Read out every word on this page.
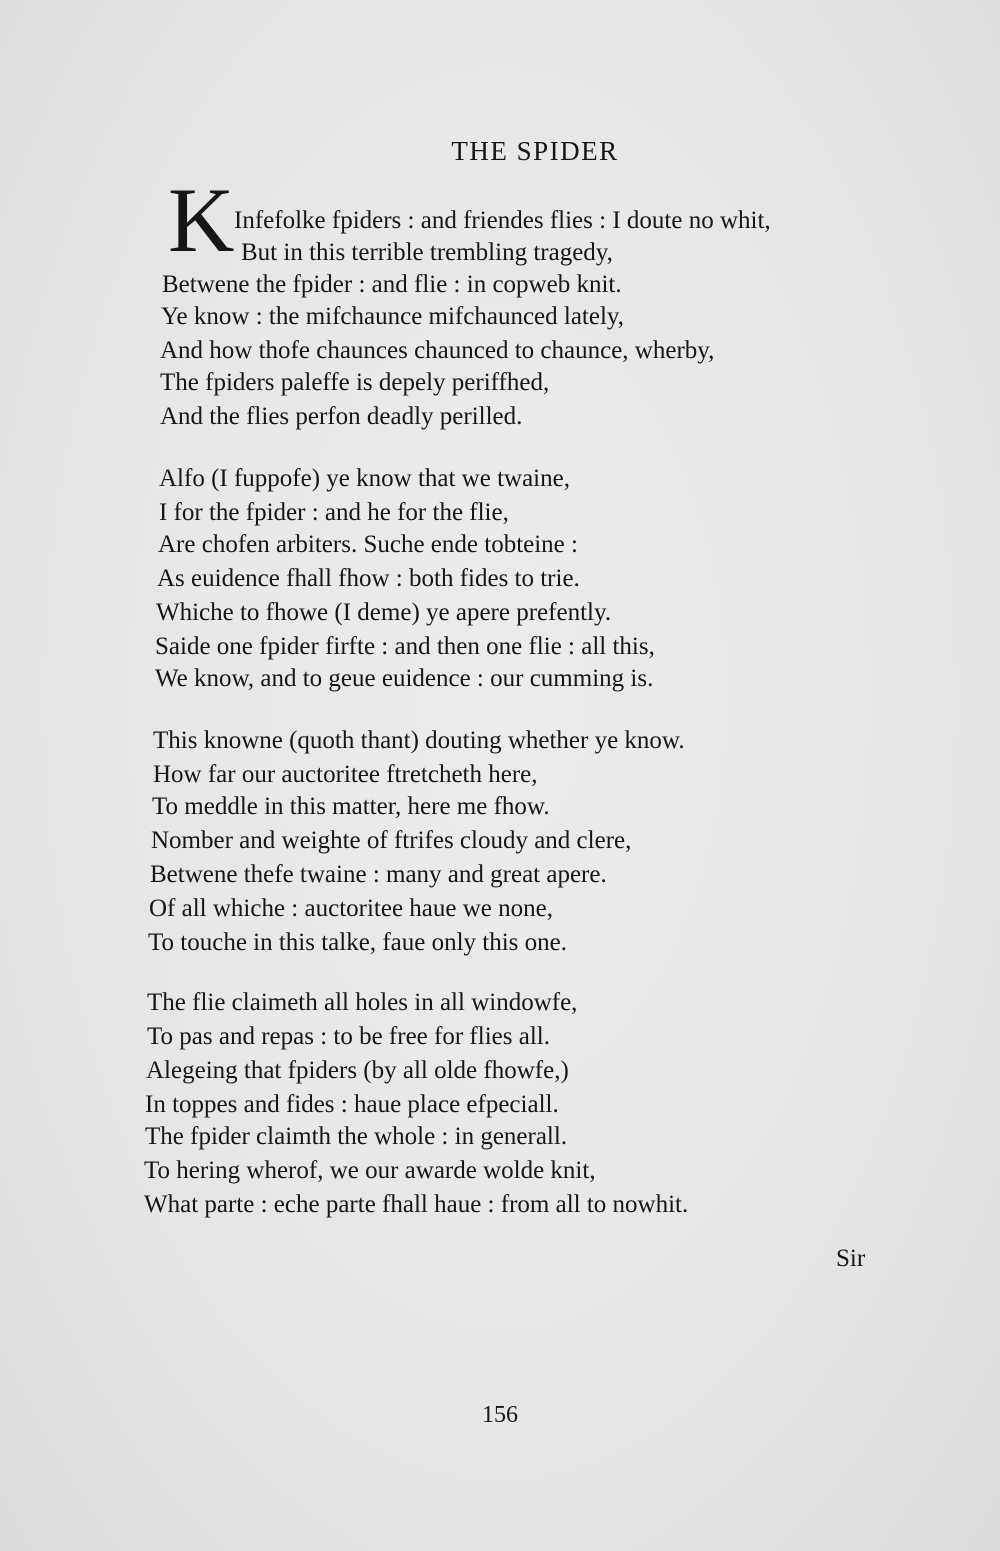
THE SPIDER
K Infefolke fpiders : and friendes flies : I doute no whit,
But in this terrible trembling tragedy,
Betwene the fpider : and flie : in copweb knit.
Ye know : the mifchaunce mifchaunced lately,
And how thofe chaunces chaunced to chaunce, wherby,
The fpiders paleffe is depely periffhed,
And the flies perfon deadly perilled.
Alfo (I fuppofe) ye know that we twaine,
I for the fpider : and he for the flie,
Are chofen arbiters. Suche ende tobteine :
As euidence fhall fhow : both fides to trie.
Whiche to fhowe (I deme) ye apere prefently.
Saide one fpider firfte : and then one flie : all this,
We know, and to geue euidence : our cumming is.
This knowne (quoth thant) douting whether ye know.
How far our auctoritee ftretcheth here,
To meddle in this matter, here me fhow.
Nomber and weighte of ftrifes cloudy and clere,
Betwene thefe twaine : many and great apere.
Of all whiche : auctoritee haue we none,
To touche in this talke, faue only this one.
The flie claimeth all holes in all windowfe,
To pas and repas : to be free for flies all.
Alegeing that fpiders (by all olde fhowfe,)
In toppes and fides : haue place efpeciall.
The fpider claimth the whole : in generall.
To hering wherof, we our awarde wolde knit,
What parte : eche parte fhall haue : from all to nowhit.
Sir
156
